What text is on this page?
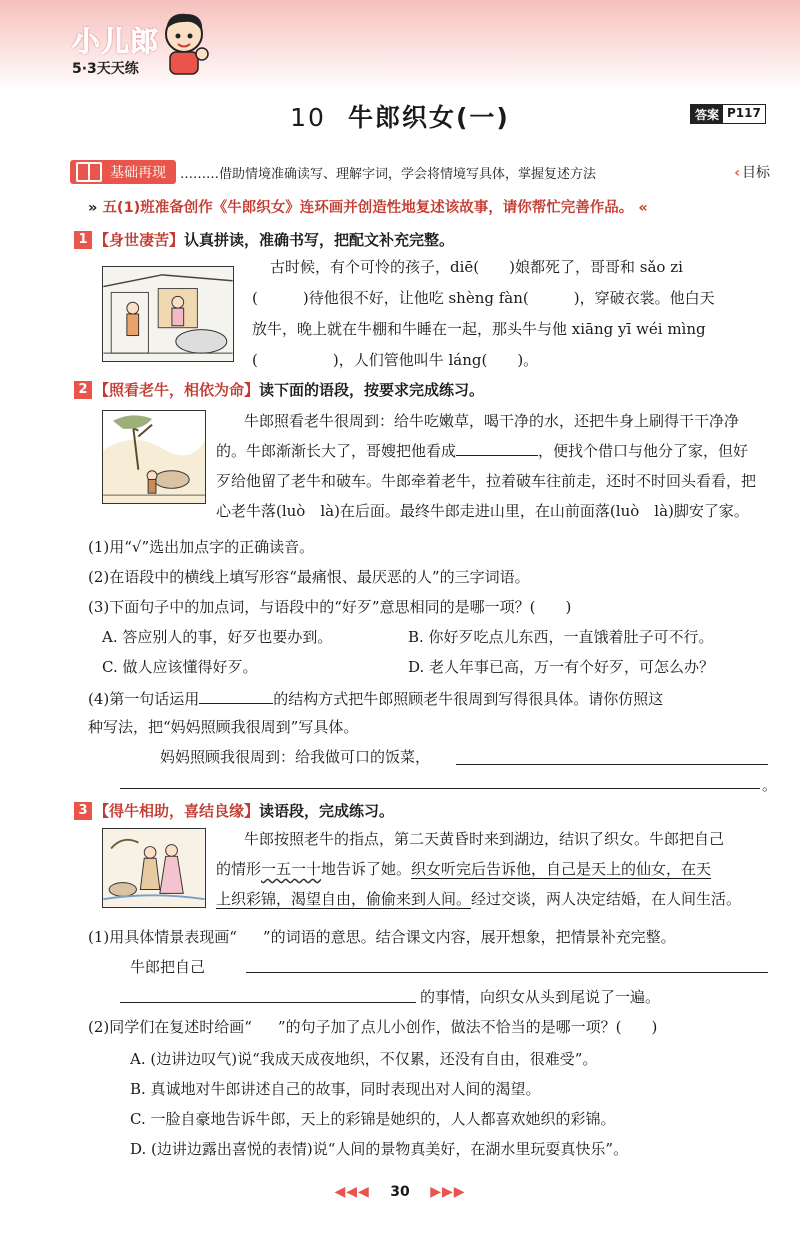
小儿郎
5·3天天练
10 牛郎织女(一)	答案 P117
基础再现 ………借助情境准确读写、理解字词，学会将情境写具体，掌握复述方法	‹ 目标
» 五(1)班准备创作《牛郎织女》连环画并创造性地复述该故事，请你帮忙完善作品。 «
1 【身世凄苦】 认真拼读，准确书写，把配文补充完整。
古时候，有个可怜的孩子，diē(　　)娘都死了，哥哥和 sǎo zi
(　　　)待他很不好，让他吃 shèng fàn(　　　)，穿破衣裳。他白天
放牛，晚上就在牛棚和牛睡在一起，那头牛与他 xiāng yī wéi mìng
(　　　　　)，人们管他叫牛 láng(　　)。
2 【照看老牛，相依为命】 读下面的语段，按要求完成练习。
牛郎照看老牛很周到：给牛吃嫩草，喝干净的水，还把牛身上刷得干干净净
的。牛郎渐渐长大了，哥嫂把他看成	，便找个借口与他分了家，但好
歹给他留了老牛和破车。牛郎牵着老牛，拉着破车往前走，还时不时回头看看，把
心老牛落(luò　là)在后面。最终牛郎走进山里，在山前面落(luò　là)脚安了家。
(1)用“√”选出加点字的正确读音。
(2)在语段中的横线上填写形容“最痛恨、最厌恶的人”的三字词语。
(3)下面句子中的加点词，与语段中的“好歹”意思相同的是哪一项？(　　)
A. 答应别人的事，好歹也要办到。	B. 你好歹吃点儿东西，一直饿着肚子可不行。
C. 做人应该懂得好歹。	D. 老人年事已高，万一有个好歹，可怎么办？
(4)第一句话运用	的结构方式把牛郎照顾老牛很周到写得很具体。请你仿照这
种写法，把“妈妈照顾我很周到”写具体。
妈妈照顾我很周到：给我做可口的饭菜，
。
3 【得牛相助，喜结良缘】 读语段，完成练习。
牛郎按照老牛的指点，第二天黄昏时来到湖边，结识了织女。牛郎把自己
的情形一五一十地告诉了她。织女听完后告诉他，自己是天上的仙女，在天
上织彩锦，渴望自由，偷偷来到人间。经过交谈，两人决定结婚，在人间生活。
(1)用具体情景表现画“ ”的词语的意思。结合课文内容，展开想象，把情景补充完整。
牛郎把自己
的事情，向织女从头到尾说了一遍。
(2)同学们在复述时给画“ ”的句子加了点儿小创作，做法不恰当的是哪一项？(　　)
A. (边讲边叹气)说“我成天成夜地织，不仅累，还没有自由，很难受”。
B. 真诚地对牛郎讲述自己的故事，同时表现出对人间的渴望。
C. 一脸自豪地告诉牛郎，天上的彩锦是她织的，人人都喜欢她织的彩锦。
D. (边讲边露出喜悦的表情)说“人间的景物真美好，在湖水里玩耍真快乐”。
◀◀◀ 30 ▶▶▶
